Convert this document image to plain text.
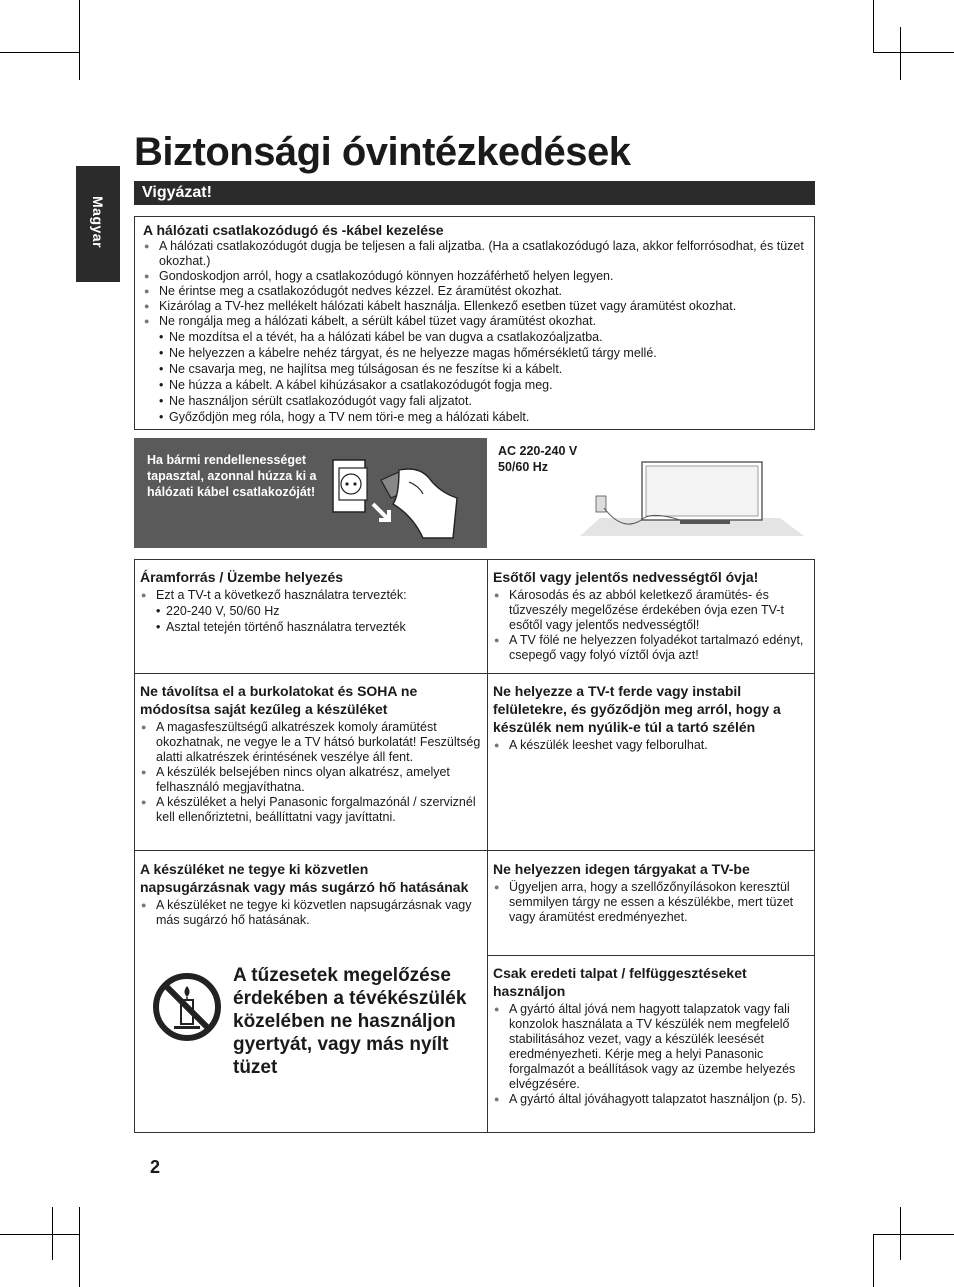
Magyar
Biztonsági óvintézkedések
Vigyázat!
A hálózati csatlakozódugó és -kábel kezelése
● A hálózati csatlakozódugót dugja be teljesen a fali aljzatba. (Ha a csatlakozódugó laza, akkor felforrósodhat, és tüzet okozhat.)
● Gondoskodjon arról, hogy a csatlakozódugó könnyen hozzáférhető helyen legyen.
● Ne érintse meg a csatlakozódugót nedves kézzel. Ez áramütést okozhat.
● Kizárólag a TV-hez mellékelt hálózati kábelt használja. Ellenkező esetben tüzet vagy áramütést okozhat.
● Ne rongálja meg a hálózati kábelt, a sérült kábel tüzet vagy áramütést okozhat.
• Ne mozdítsa el a tévét, ha a hálózati kábel be van dugva a csatlakozóaljzatba.
• Ne helyezzen a kábelre nehéz tárgyat, és ne helyezze magas hőmérsékletű tárgy mellé.
• Ne csavarja meg, ne hajlítsa meg túlságosan és ne feszítse ki a kábelt.
• Ne húzza a kábelt. A kábel kihúzásakor a csatlakozódugót fogja meg.
• Ne használjon sérült csatlakozódugót vagy fali aljzatot.
• Győződjön meg róla, hogy a TV nem töri-e meg a hálózati kábelt.
Ha bármi rendellenességet tapasztal, azonnal húzza ki a hálózati kábel csatlakozóját!
AC 220-240 V
50/60 Hz
Áramforrás / Üzembe helyezés
● Ezt a TV-t a következő használatra tervezték:
• 220-240 V, 50/60 Hz
• Asztal tetején történő használatra tervezték
Esőtől vagy jelentős nedvességtől óvja!
● Károsodás és az abból keletkező áramütés- és tűzveszély megelőzése érdekében óvja ezen TV-t esőtől vagy jelentős nedvességtől!
● A TV fölé ne helyezzen folyadékot tartalmazó edényt, csepegő vagy folyó víztől óvja azt!
Ne távolítsa el a burkolatokat és SOHA ne módosítsa saját kezűleg a készüléket
● A magasfeszültségű alkatrészek komoly áramütést okozhatnak, ne vegye le a TV hátsó burkolatát! Feszültség alatti alkatrészek érintésének veszélye áll fent.
● A készülék belsejében nincs olyan alkatrész, amelyet felhasználó megjavíthatna.
● A készüléket a helyi Panasonic forgalmazónál / szerviznél kell ellenőriztetni, beállíttatni vagy javíttatni.
Ne helyezze a TV-t ferde vagy instabil felületekre, és győződjön meg arról, hogy a készülék nem nyúlik-e túl a tartó szélén
● A készülék leeshet vagy felborulhat.
A készüléket ne tegye ki közvetlen napsugárzásnak vagy más sugárzó hő hatásának
● A készüléket ne tegye ki közvetlen napsugárzásnak vagy más sugárzó hő hatásának.
A tűzesetek megelőzése érdekében a tévékészülék közelében ne használjon gyertyát, vagy más nyílt tüzet
Ne helyezzen idegen tárgyakat a TV-be
● Ügyeljen arra, hogy a szellőzőnyílásokon keresztül semmilyen tárgy ne essen a készülékbe, mert tüzet vagy áramütést eredményezhet.
Csak eredeti talpat / felfüggesztéseket használjon
● A gyártó által jóvá nem hagyott talapzatok vagy fali konzolok használata a TV készülék nem megfelelő stabilitásához vezet, vagy a készülék leesését eredményezheti. Kérje meg a helyi Panasonic forgalmazót a beállítások vagy az üzembe helyezés elvégzésére.
● A gyártó által jóváhagyott talapzatot használjon (p. 5).
2
